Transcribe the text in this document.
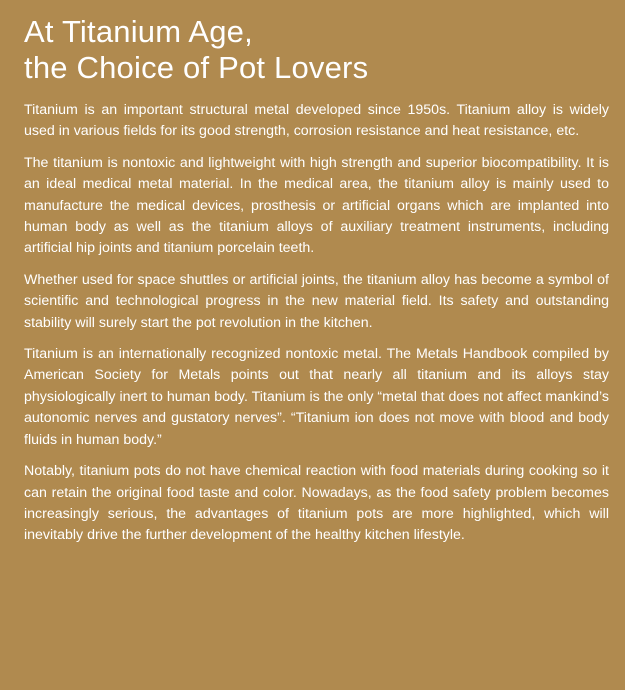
At Titanium Age,
the Choice of Pot Lovers

Titanium is an important structural metal developed since 1950s. Titanium alloy is widely used in various fields for its good strength, corrosion resistance and heat resistance, etc.

The titanium is nontoxic and lightweight with high strength and superior biocompatibility. It is an ideal medical metal material. In the medical area, the titanium alloy is mainly used to manufacture the medical devices, prosthesis or artificial organs which are implanted into human body as well as the titanium alloys of auxiliary treatment instruments, including artificial hip joints and titanium porcelain teeth.

Whether used for space shuttles or artificial joints, the titanium alloy has become a symbol of scientific and technological progress in the new material field. Its safety and outstanding stability will surely start the pot revolution in the kitchen.

Titanium is an internationally recognized nontoxic metal. The Metals Handbook compiled by American Society for Metals points out that nearly all titanium and its alloys stay physiologically inert to human body. Titanium is the only “metal that does not affect mankind’s autonomic nerves and gustatory nerves”. “Titanium ion does not move with blood and body fluids in human body.”

Notably, titanium pots do not have chemical reaction with food materials during cooking so it can retain the original food taste and color. Nowadays, as the food safety problem becomes increasingly serious, the advantages of titanium pots are more highlighted, which will inevitably drive the further development of the healthy kitchen lifestyle.
